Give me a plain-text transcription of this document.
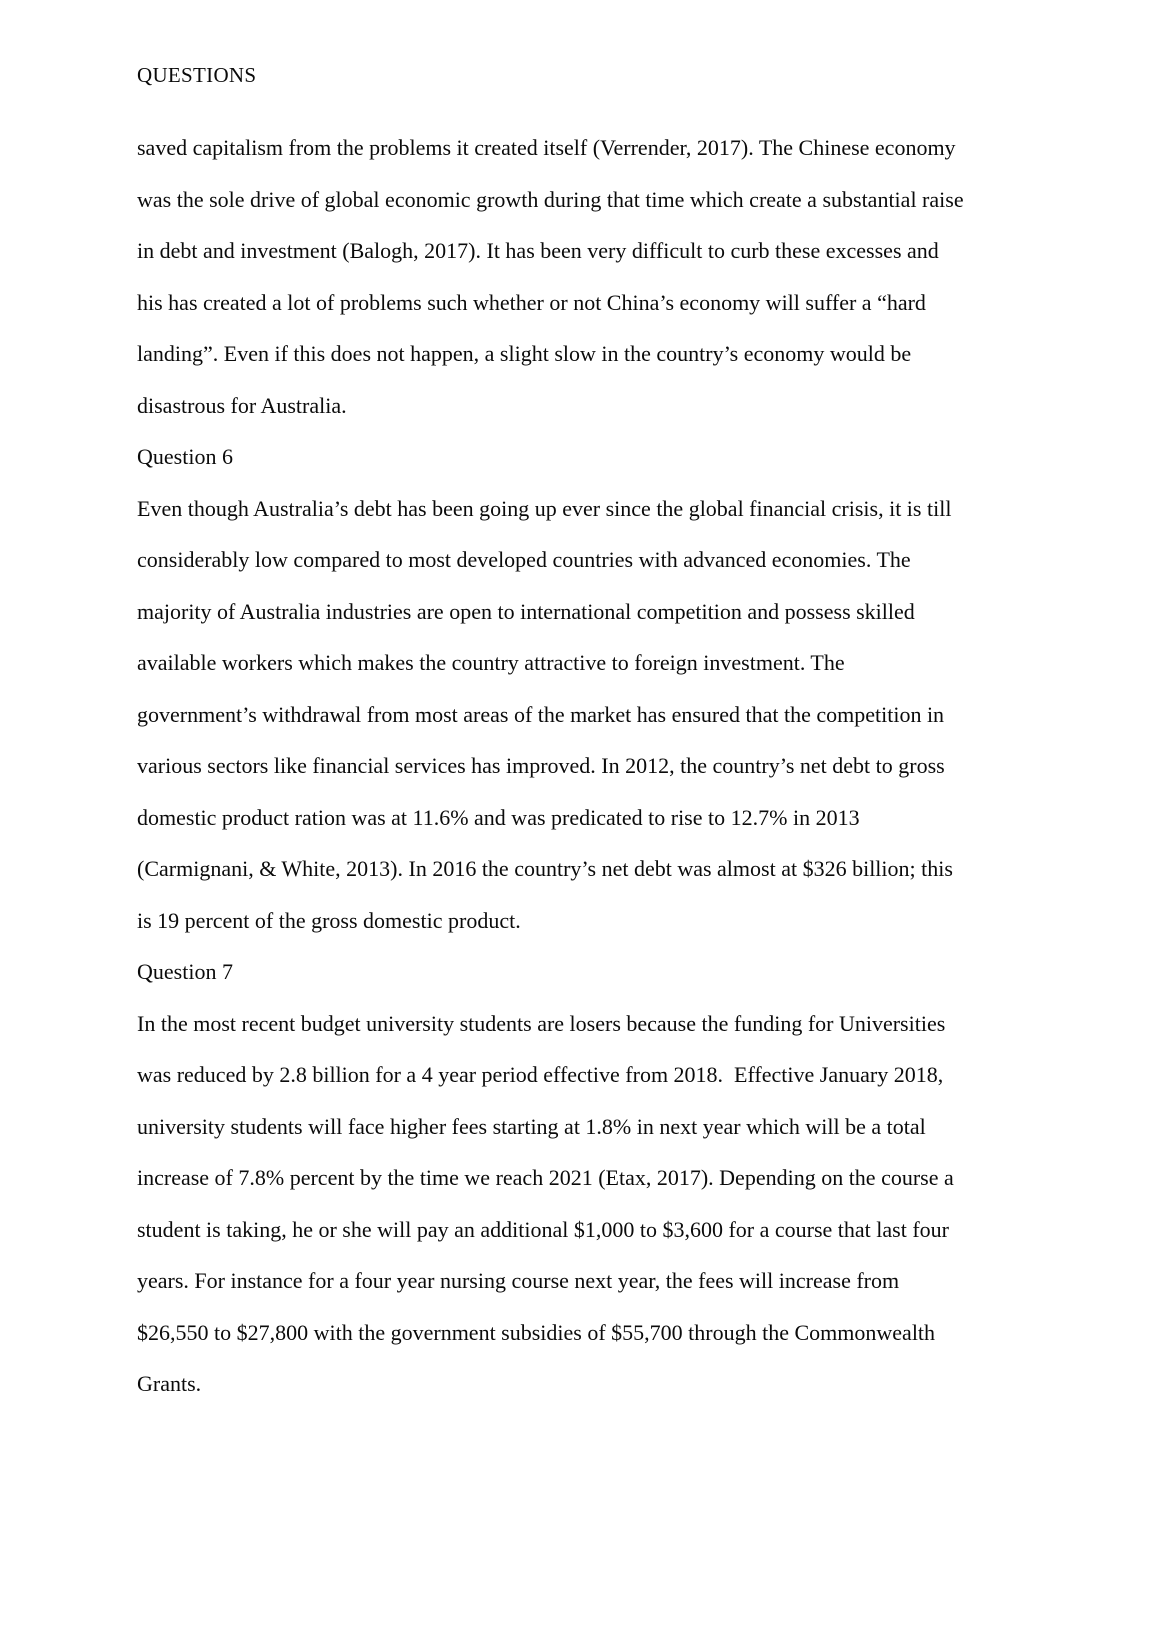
QUESTIONS
saved capitalism from the problems it created itself (Verrender, 2017). The Chinese economy
was the sole drive of global economic growth during that time which create a substantial raise
in debt and investment (Balogh, 2017). It has been very difficult to curb these excesses and
his has created a lot of problems such whether or not China’s economy will suffer a “hard
landing”. Even if this does not happen, a slight slow in the country’s economy would be
disastrous for Australia.
Question 6
Even though Australia’s debt has been going up ever since the global financial crisis, it is till
considerably low compared to most developed countries with advanced economies. The
majority of Australia industries are open to international competition and possess skilled
available workers which makes the country attractive to foreign investment. The
government’s withdrawal from most areas of the market has ensured that the competition in
various sectors like financial services has improved. In 2012, the country’s net debt to gross
domestic product ration was at 11.6% and was predicated to rise to 12.7% in 2013
(Carmignani, & White, 2013). In 2016 the country’s net debt was almost at $326 billion; this
is 19 percent of the gross domestic product.
Question 7
In the most recent budget university students are losers because the funding for Universities
was reduced by 2.8 billion for a 4 year period effective from 2018.  Effective January 2018,
university students will face higher fees starting at 1.8% in next year which will be a total
increase of 7.8% percent by the time we reach 2021 (Etax, 2017). Depending on the course a
student is taking, he or she will pay an additional $1,000 to $3,600 for a course that last four
years. For instance for a four year nursing course next year, the fees will increase from
$26,550 to $27,800 with the government subsidies of $55,700 through the Commonwealth
Grants.
